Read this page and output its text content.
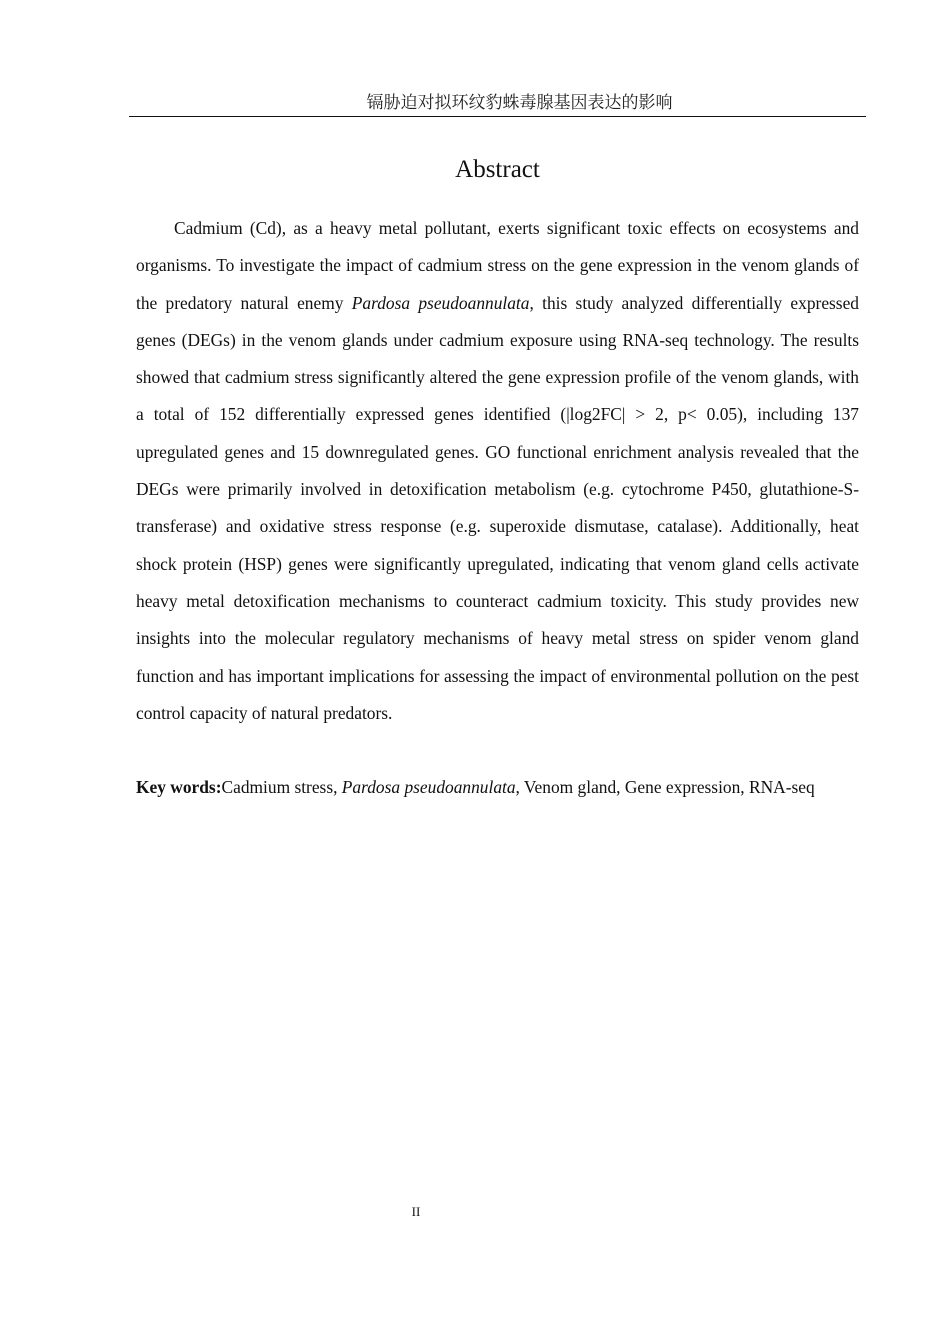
镉胁迫对拟环纹豹蛛毒腺基因表达的影响
Abstract

Cadmium (Cd), as a heavy metal pollutant, exerts significant toxic effects on ecosystems and organisms. To investigate the impact of cadmium stress on the gene expression in the venom glands of the predatory natural enemy Pardosa pseudoannulata, this study analyzed differentially expressed genes (DEGs) in the venom glands under cadmium exposure using RNA-seq technology. The results showed that cadmium stress significantly altered the gene expression profile of the venom glands, with a total of 152 differentially expressed genes identified (|log2FC| > 2, p< 0.05), including 137 upregulated genes and 15 downregulated genes. GO functional enrichment analysis revealed that the DEGs were primarily involved in detoxification metabolism (e.g. cytochrome P450, glutathione-S-transferase) and oxidative stress response (e.g. superoxide dismutase, catalase). Additionally, heat shock protein (HSP) genes were significantly upregulated, indicating that venom gland cells activate heavy metal detoxification mechanisms to counteract cadmium toxicity. This study provides new insights into the molecular regulatory mechanisms of heavy metal stress on spider venom gland function and has important implications for assessing the impact of environmental pollution on the pest control capacity of natural predators.

Key words:Cadmium stress, Pardosa pseudoannulata, Venom gland, Gene expression, RNA-seq

II
